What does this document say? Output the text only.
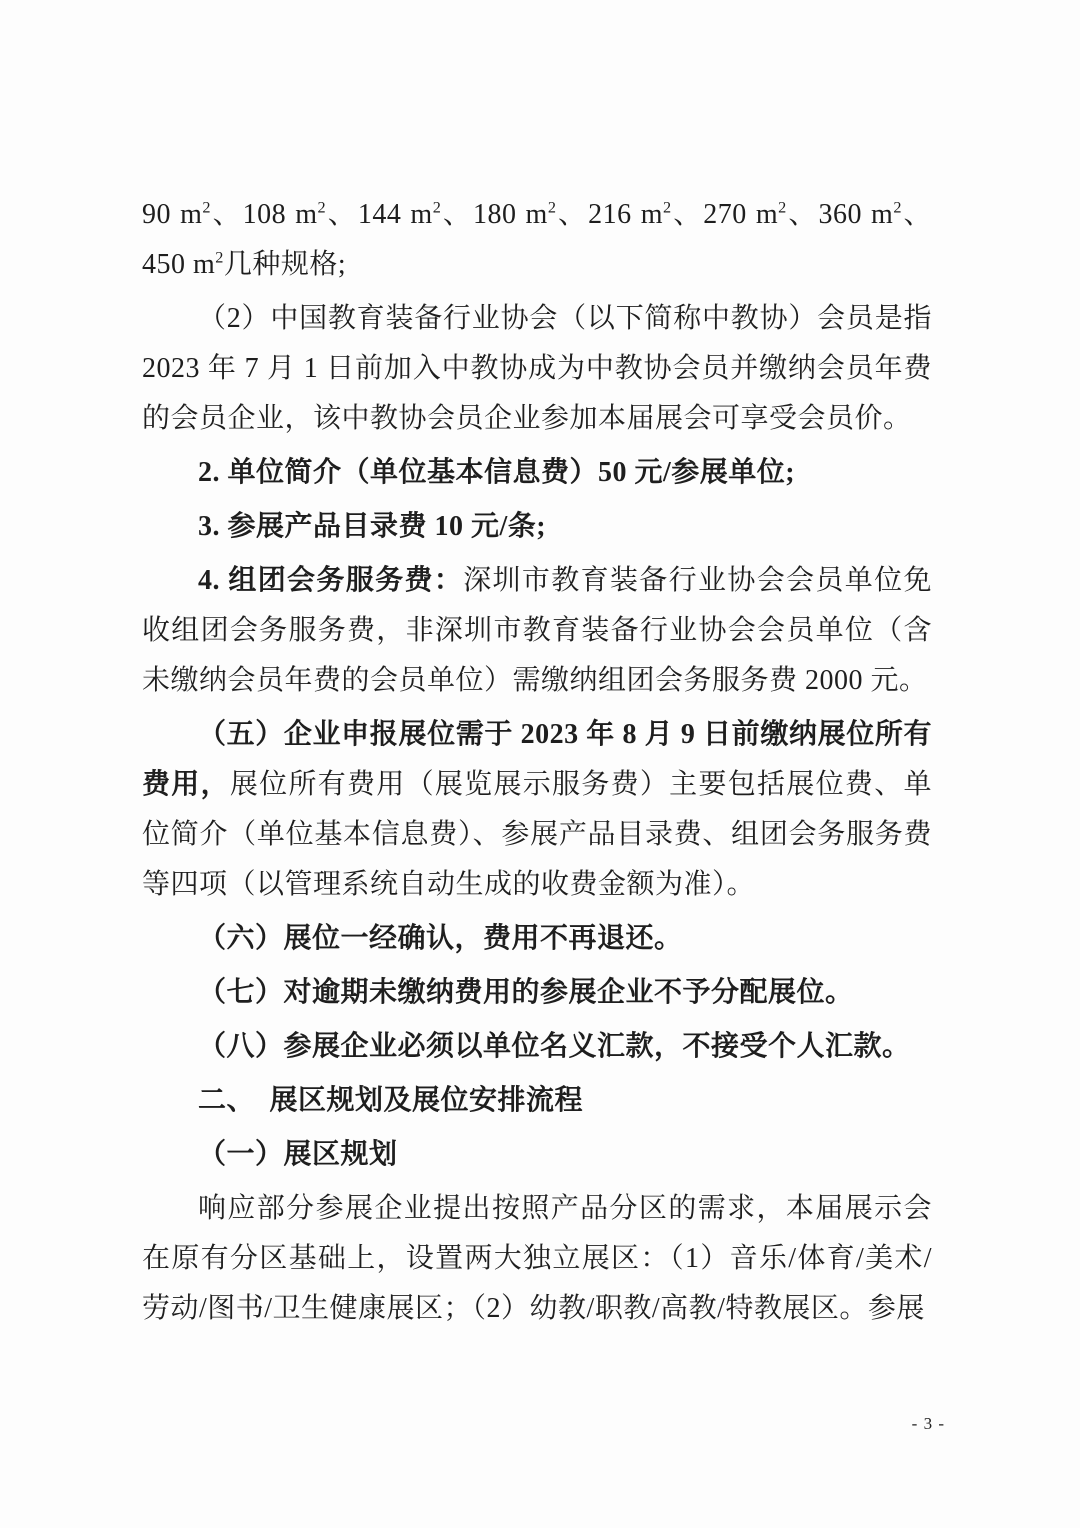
90 $m^2$、108 $m^2$、144 $m^2$、180 $m^2$、216 $m^2$、270 $m^2$、360 $m^2$、450 $m^2$几种规格;

（2）中国教育装备行业协会（以下简称中教协）会员是指 2023 年 7 月 1 日前加入中教协成为中教协会员并缴纳会员年费的会员企业，该中教协会员企业参加本届展会可享受会员价。

2. 单位简介（单位基本信息费）50 元/参展单位;

3. 参展产品目录费 10 元/条;

4. 组团会务服务费：深圳市教育装备行业协会会员单位免收组团会务服务费，非深圳市教育装备行业协会会员单位（含未缴纳会员年费的会员单位）需缴纳组团会务服务费 2000 元。

（五）企业申报展位需于 2023 年 8 月 9 日前缴纳展位所有费用，展位所有费用（展览展示服务费）主要包括展位费、单位简介（单位基本信息费）、参展产品目录费、组团会务服务费等四项（以管理系统自动生成的收费金额为准）。

（六）展位一经确认，费用不再退还。

（七）对逾期未缴纳费用的参展企业不予分配展位。

（八）参展企业必须以单位名义汇款，不接受个人汇款。

二、　展区规划及展位安排流程

（一）展区规划

响应部分参展企业提出按照产品分区的需求，本届展示会在原有分区基础上，设置两大独立展区：（1）音乐/体育/美术/劳动/图书/卫生健康展区；（2）幼教/职教/高教/特教展区。参展

- 3 -
